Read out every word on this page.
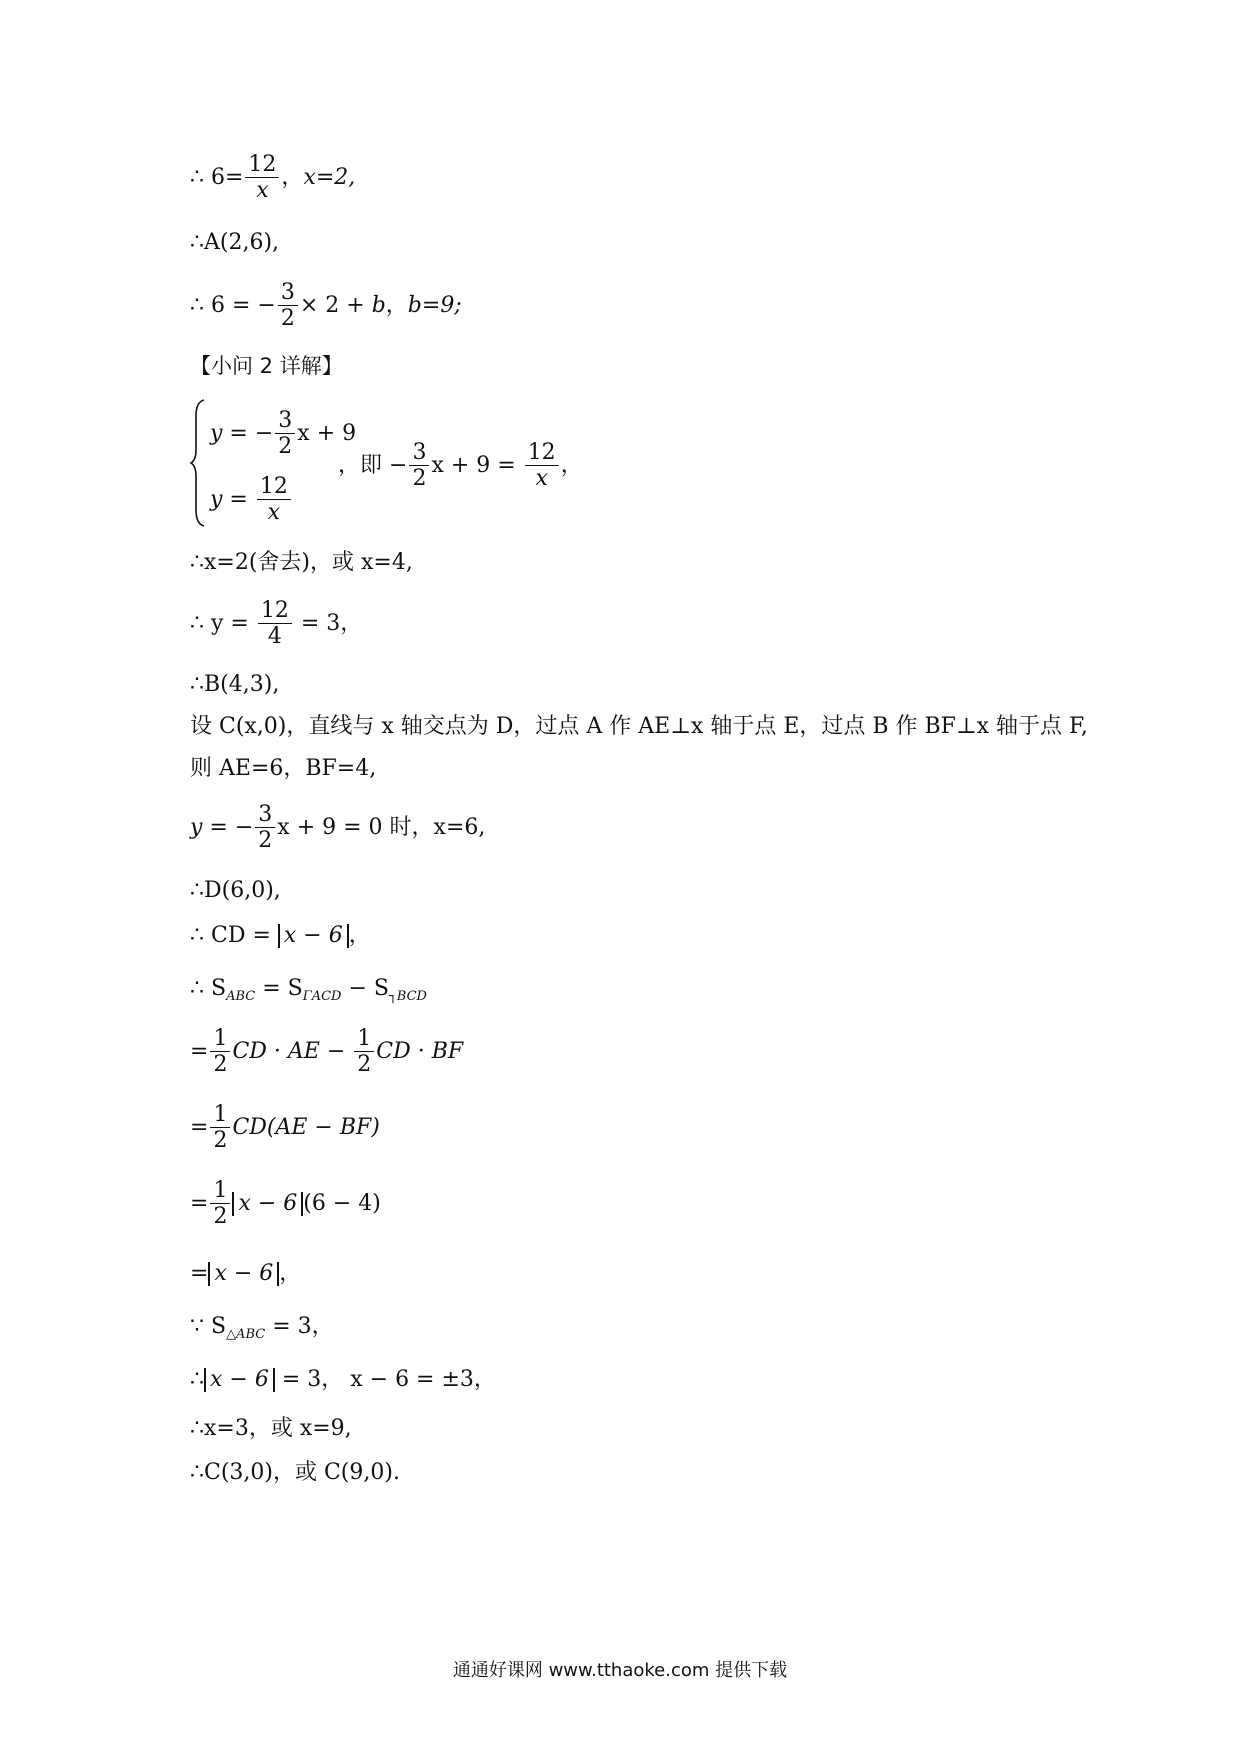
∴ $6= \frac{12}{x}$ ，x=2,
∴A(2,6),
∴ 6 = − $\frac{3}{2} \times 2 + b$，b=9;
【小问 2 详解】
y = − $\frac{3}{2}$ x + 9
$y = \frac{12}{x}$
，即 − $\frac{3}{2}$ $x + 9 = \frac{12}{x}$ ，
∴x=2(舍去)，或 x=4,
∴ $y = \frac{12}{4} = 3$，
∴B(4,3),
设 C(x,0)，直线与 x 轴交点为 D，过点 A 作 AE⊥x 轴于点 E，过点 B 作 BF⊥x 轴于点 F,
则 AE=6，BF=4,
y = − $\frac{3}{2}$ x + 9 = 0 时，x=6,
∴D(6,0),
∴ CD = x − 6 ，
∴ $S_{ABC} = S_{\Gamma ACD} - S_{┐BCD}$
= $\frac{1}{2}$ CD · AE − $\frac{1}{2}$ CD · BF
= $\frac{1}{2} CD(AE - BF)$
= $\frac{1}{2}$ x − 6 (6 − 4)
= x − 6 ，
∵ $S_{\triangle ABC} = 3$，
∴ x − 6 = 3， x − 6 = ±3，
∴x=3，或 x=9,
∴C(3,0)，或 C(9,0).
通通好课网 www.tthaoke.com 提供下载
